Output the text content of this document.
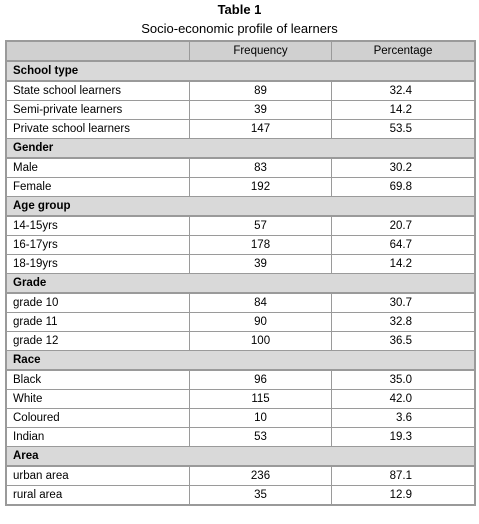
Table 1
Socio-economic profile of learners
	Frequency	Percentage
School type		
State school learners	89	32.4
Semi-private learners	39	14.2
Private school learners	147	53.5
Gender		
Male	83	30.2
Female	192	69.8
Age group		
14-15yrs	57	20.7
16-17yrs	178	64.7
18-19yrs	39	14.2
Grade		
grade 10	84	30.7
grade 11	90	32.8
grade 12	100	36.5
Race		
Black	96	35.0
White	115	42.0
Coloured	10	3.6
Indian	53	19.3
Area		
urban area	236	87.1
rural area	35	12.9
